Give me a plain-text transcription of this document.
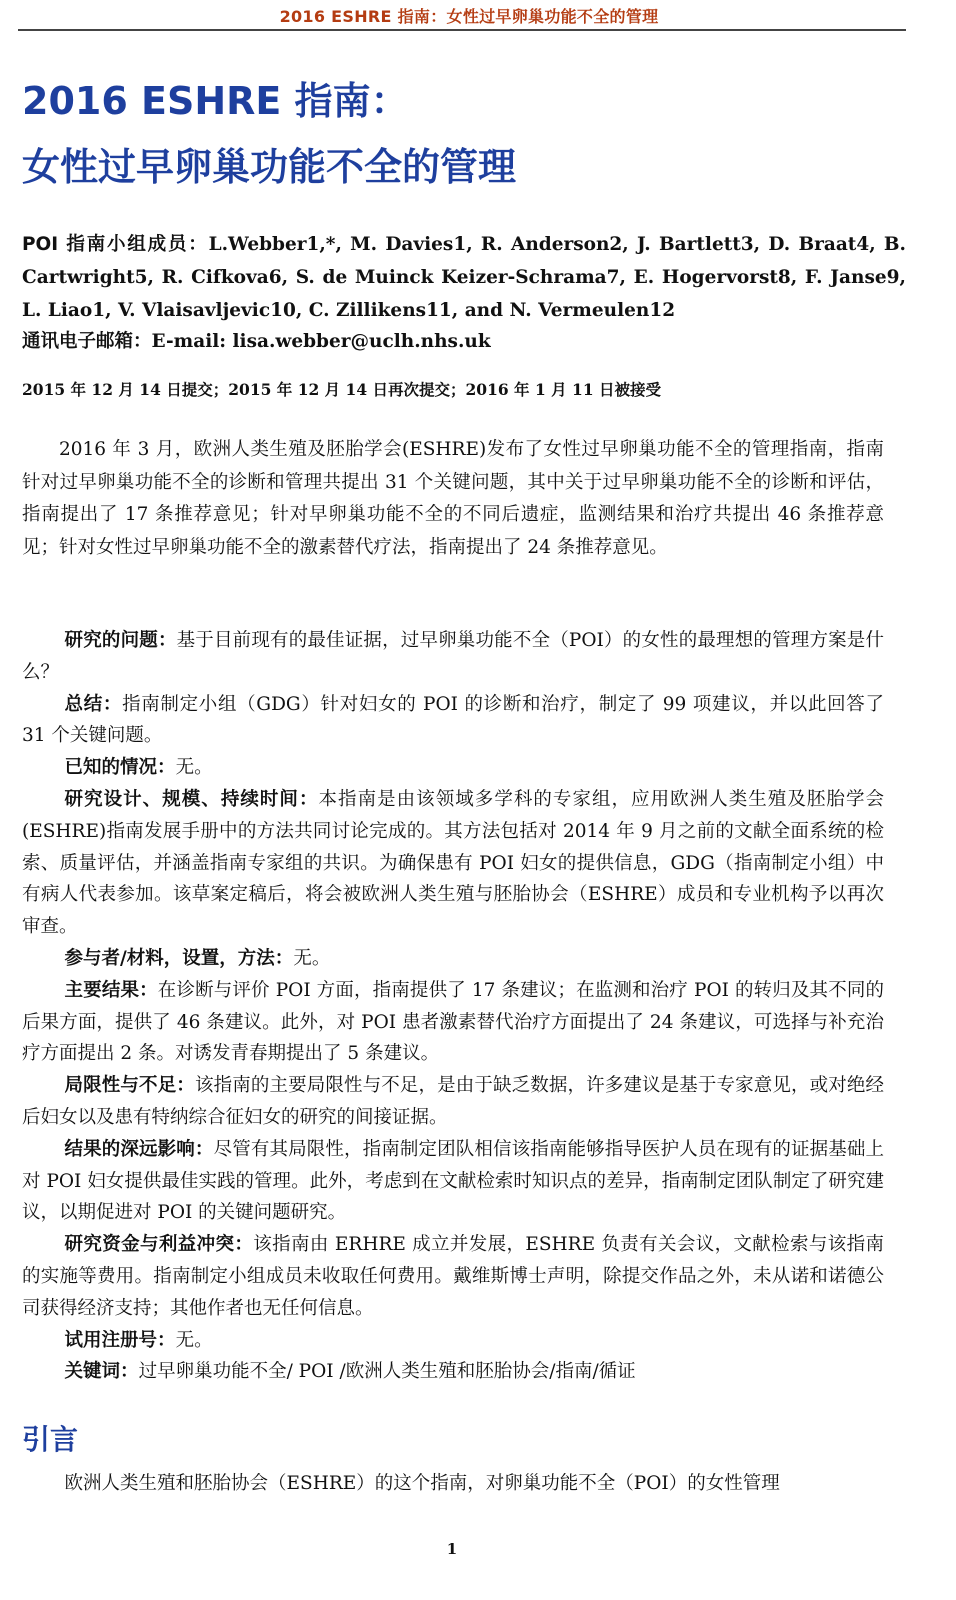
2016 ESHRE 指南：女性过早卵巢功能不全的管理
2016 ESHRE 指南：
女性过早卵巢功能不全的管理
POI 指南小组成员：L.Webber1,*, M. Davies1, R. Anderson2, J. Bartlett3, D. Braat4, B. Cartwright5, R. Cifkova6, S. de Muinck Keizer-Schrama7, E. Hogervorst8, F. Janse9, L. Liao1, V. Vlaisavljevic10, C. Zillikens11, and N. Vermeulen12
通讯电子邮箱：E-mail: lisa.webber@uclh.nhs.uk
2015 年 12 月 14 日提交；2015 年 12 月 14 日再次提交；2016 年 1 月 11 日被接受
2016 年 3 月，欧洲人类生殖及胚胎学会(ESHRE)发布了女性过早卵巢功能不全的管理指南，指南针对过早卵巢功能不全的诊断和管理共提出 31 个关键问题，其中关于过早卵巢功能不全的诊断和评估，指南提出了 17 条推荐意见；针对早卵巢功能不全的不同后遗症，监测结果和治疗共提出 46 条推荐意见；针对女性过早卵巢功能不全的激素替代疗法，指南提出了 24 条推荐意见。

研究的问题：基于目前现有的最佳证据，过早卵巢功能不全（POI）的女性的最理想的管理方案是什么？

总结：指南制定小组（GDG）针对妇女的 POI 的诊断和治疗，制定了 99 项建议，并以此回答了 31 个关键问题。

已知的情况：无。

研究设计、规模、持续时间：本指南是由该领域多学科的专家组，应用欧洲人类生殖及胚胎学会(ESHRE)指南发展手册中的方法共同讨论完成的。其方法包括对 2014 年 9 月之前的文献全面系统的检索、质量评估，并涵盖指南专家组的共识。为确保患有 POI 妇女的提供信息，GDG（指南制定小组）中有病人代表参加。该草案定稿后，将会被欧洲人类生殖与胚胎协会（ESHRE）成员和专业机构予以再次审查。

参与者/材料，设置，方法：无。

主要结果：在诊断与评价 POI 方面，指南提供了 17 条建议；在监测和治疗 POI 的转归及其不同的后果方面，提供了 46 条建议。此外，对 POI 患者激素替代治疗方面提出了 24 条建议，可选择与补充治疗方面提出 2 条。对诱发青春期提出了 5 条建议。

局限性与不足：该指南的主要局限性与不足，是由于缺乏数据，许多建议是基于专家意见，或对绝经后妇女以及患有特纳综合征妇女的研究的间接证据。

结果的深远影响：尽管有其局限性，指南制定团队相信该指南能够指导医护人员在现有的证据基础上对 POI 妇女提供最佳实践的管理。此外，考虑到在文献检索时知识点的差异，指南制定团队制定了研究建议，以期促进对 POI 的关键问题研究。

研究资金与利益冲突：该指南由 ERHRE 成立并发展，ESHRE 负责有关会议，文献检索与该指南的实施等费用。指南制定小组成员未收取任何费用。戴维斯博士声明，除提交作品之外，未从诺和诺德公司获得经济支持；其他作者也无任何信息。

试用注册号：无。

关键词：过早卵巢功能不全/ POI /欧洲人类生殖和胚胎协会/指南/循证

引言
欧洲人类生殖和胚胎协会（ESHRE）的这个指南，对卵巢功能不全（POI）的女性管理
1
